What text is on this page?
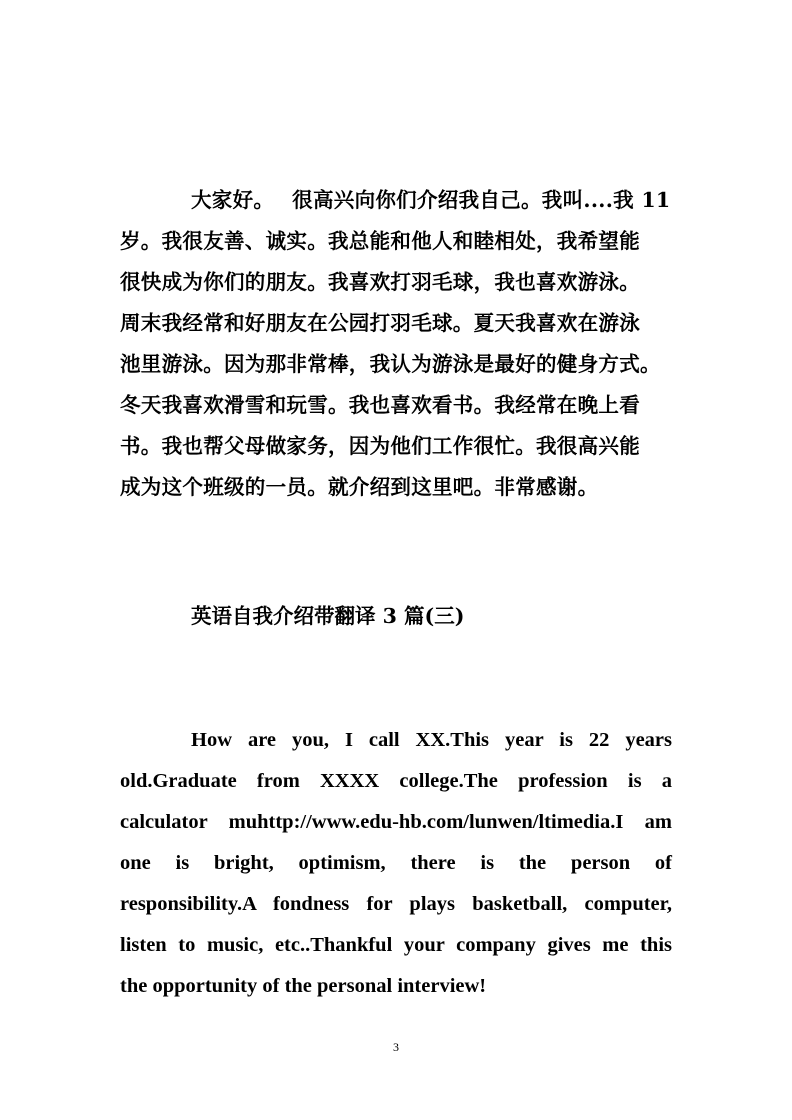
大家好。　 很高兴向你们介绍我自己。我叫....我 11
岁。我很友善、诚实。我总能和他人和睦相处，我希望能
很快成为你们的朋友。我喜欢打羽毛球，我也喜欢游泳。
周末我经常和好朋友在公园打羽毛球。夏天我喜欢在游泳
池里游泳。因为那非常棒，我认为游泳是最好的健身方式。
冬天我喜欢滑雪和玩雪。我也喜欢看书。我经常在晚上看
书。我也帮父母做家务，因为他们工作很忙。我很高兴能
成为这个班级的一员。就介绍到这里吧。非常感谢。
英语自我介绍带翻译 3 篇(三)
How are you, I call XX.This year is 22 years
old.Graduate from XXXX college.The profession is a
calculator muhttp://www.edu-hb.com/lunwen/ltimedia.I am
one is bright, optimism, there is the person of
responsibility.A fondness for plays basketball, computer,
listen to music, etc..Thankful your company gives me this
the opportunity of the personal interview!
3
